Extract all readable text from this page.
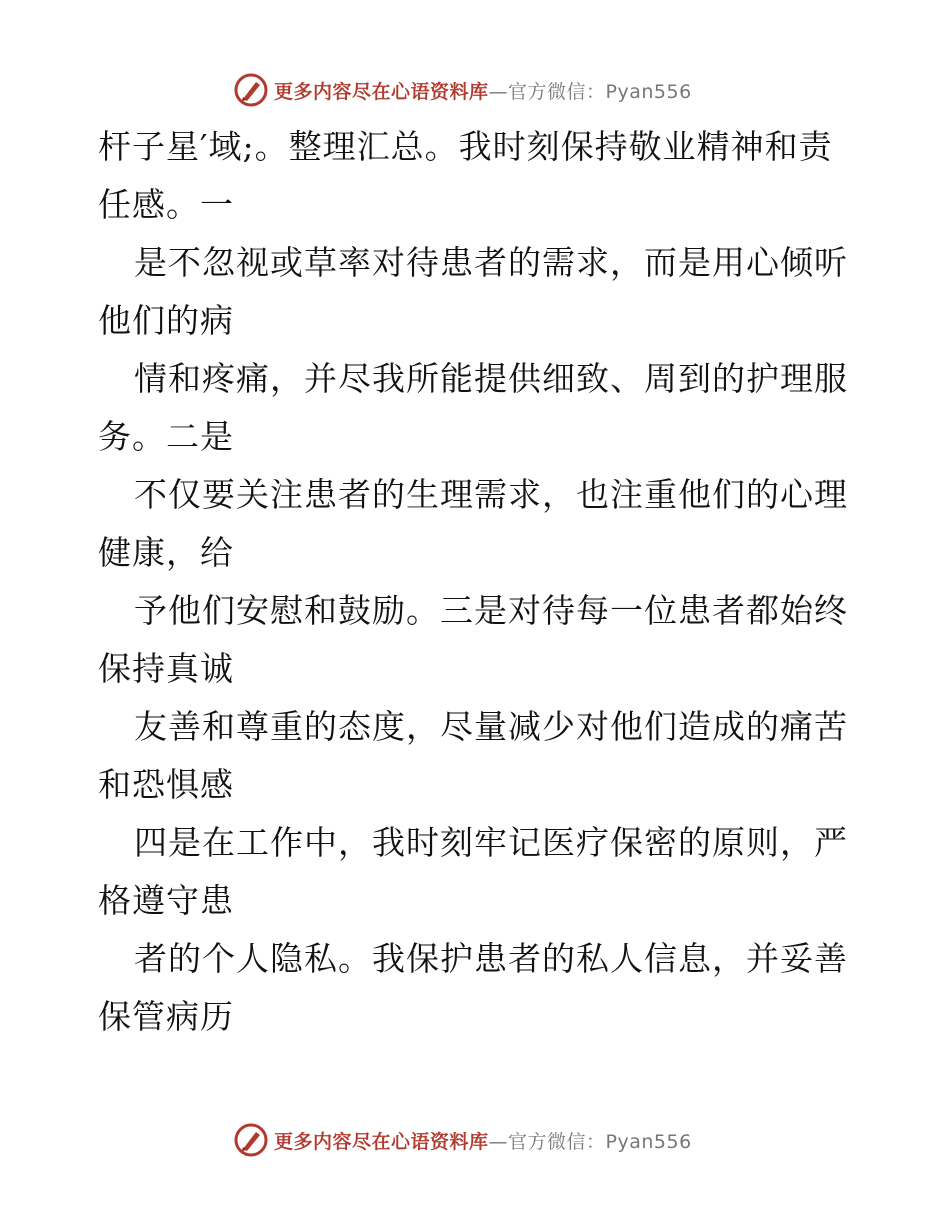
更多内容尽在心语资料库—官方微信：Pyan556
杆子星′域;。整理汇总。我时刻保持敬业精神和责
任感。一
是不忽视或草率对待患者的需求，而是用心倾听
他们的病
情和疼痛，并尽我所能提供细致、周到的护理服
务。二是
不仅要关注患者的生理需求，也注重他们的心理
健康，给
予他们安慰和鼓励。三是对待每一位患者都始终
保持真诚
友善和尊重的态度，尽量减少对他们造成的痛苦
和恐惧感
四是在工作中，我时刻牢记医疗保密的原则，严
格遵守患
者的个人隐私。我保护患者的私人信息，并妥善
保管病历
更多内容尽在心语资料库—官方微信：Pyan556
